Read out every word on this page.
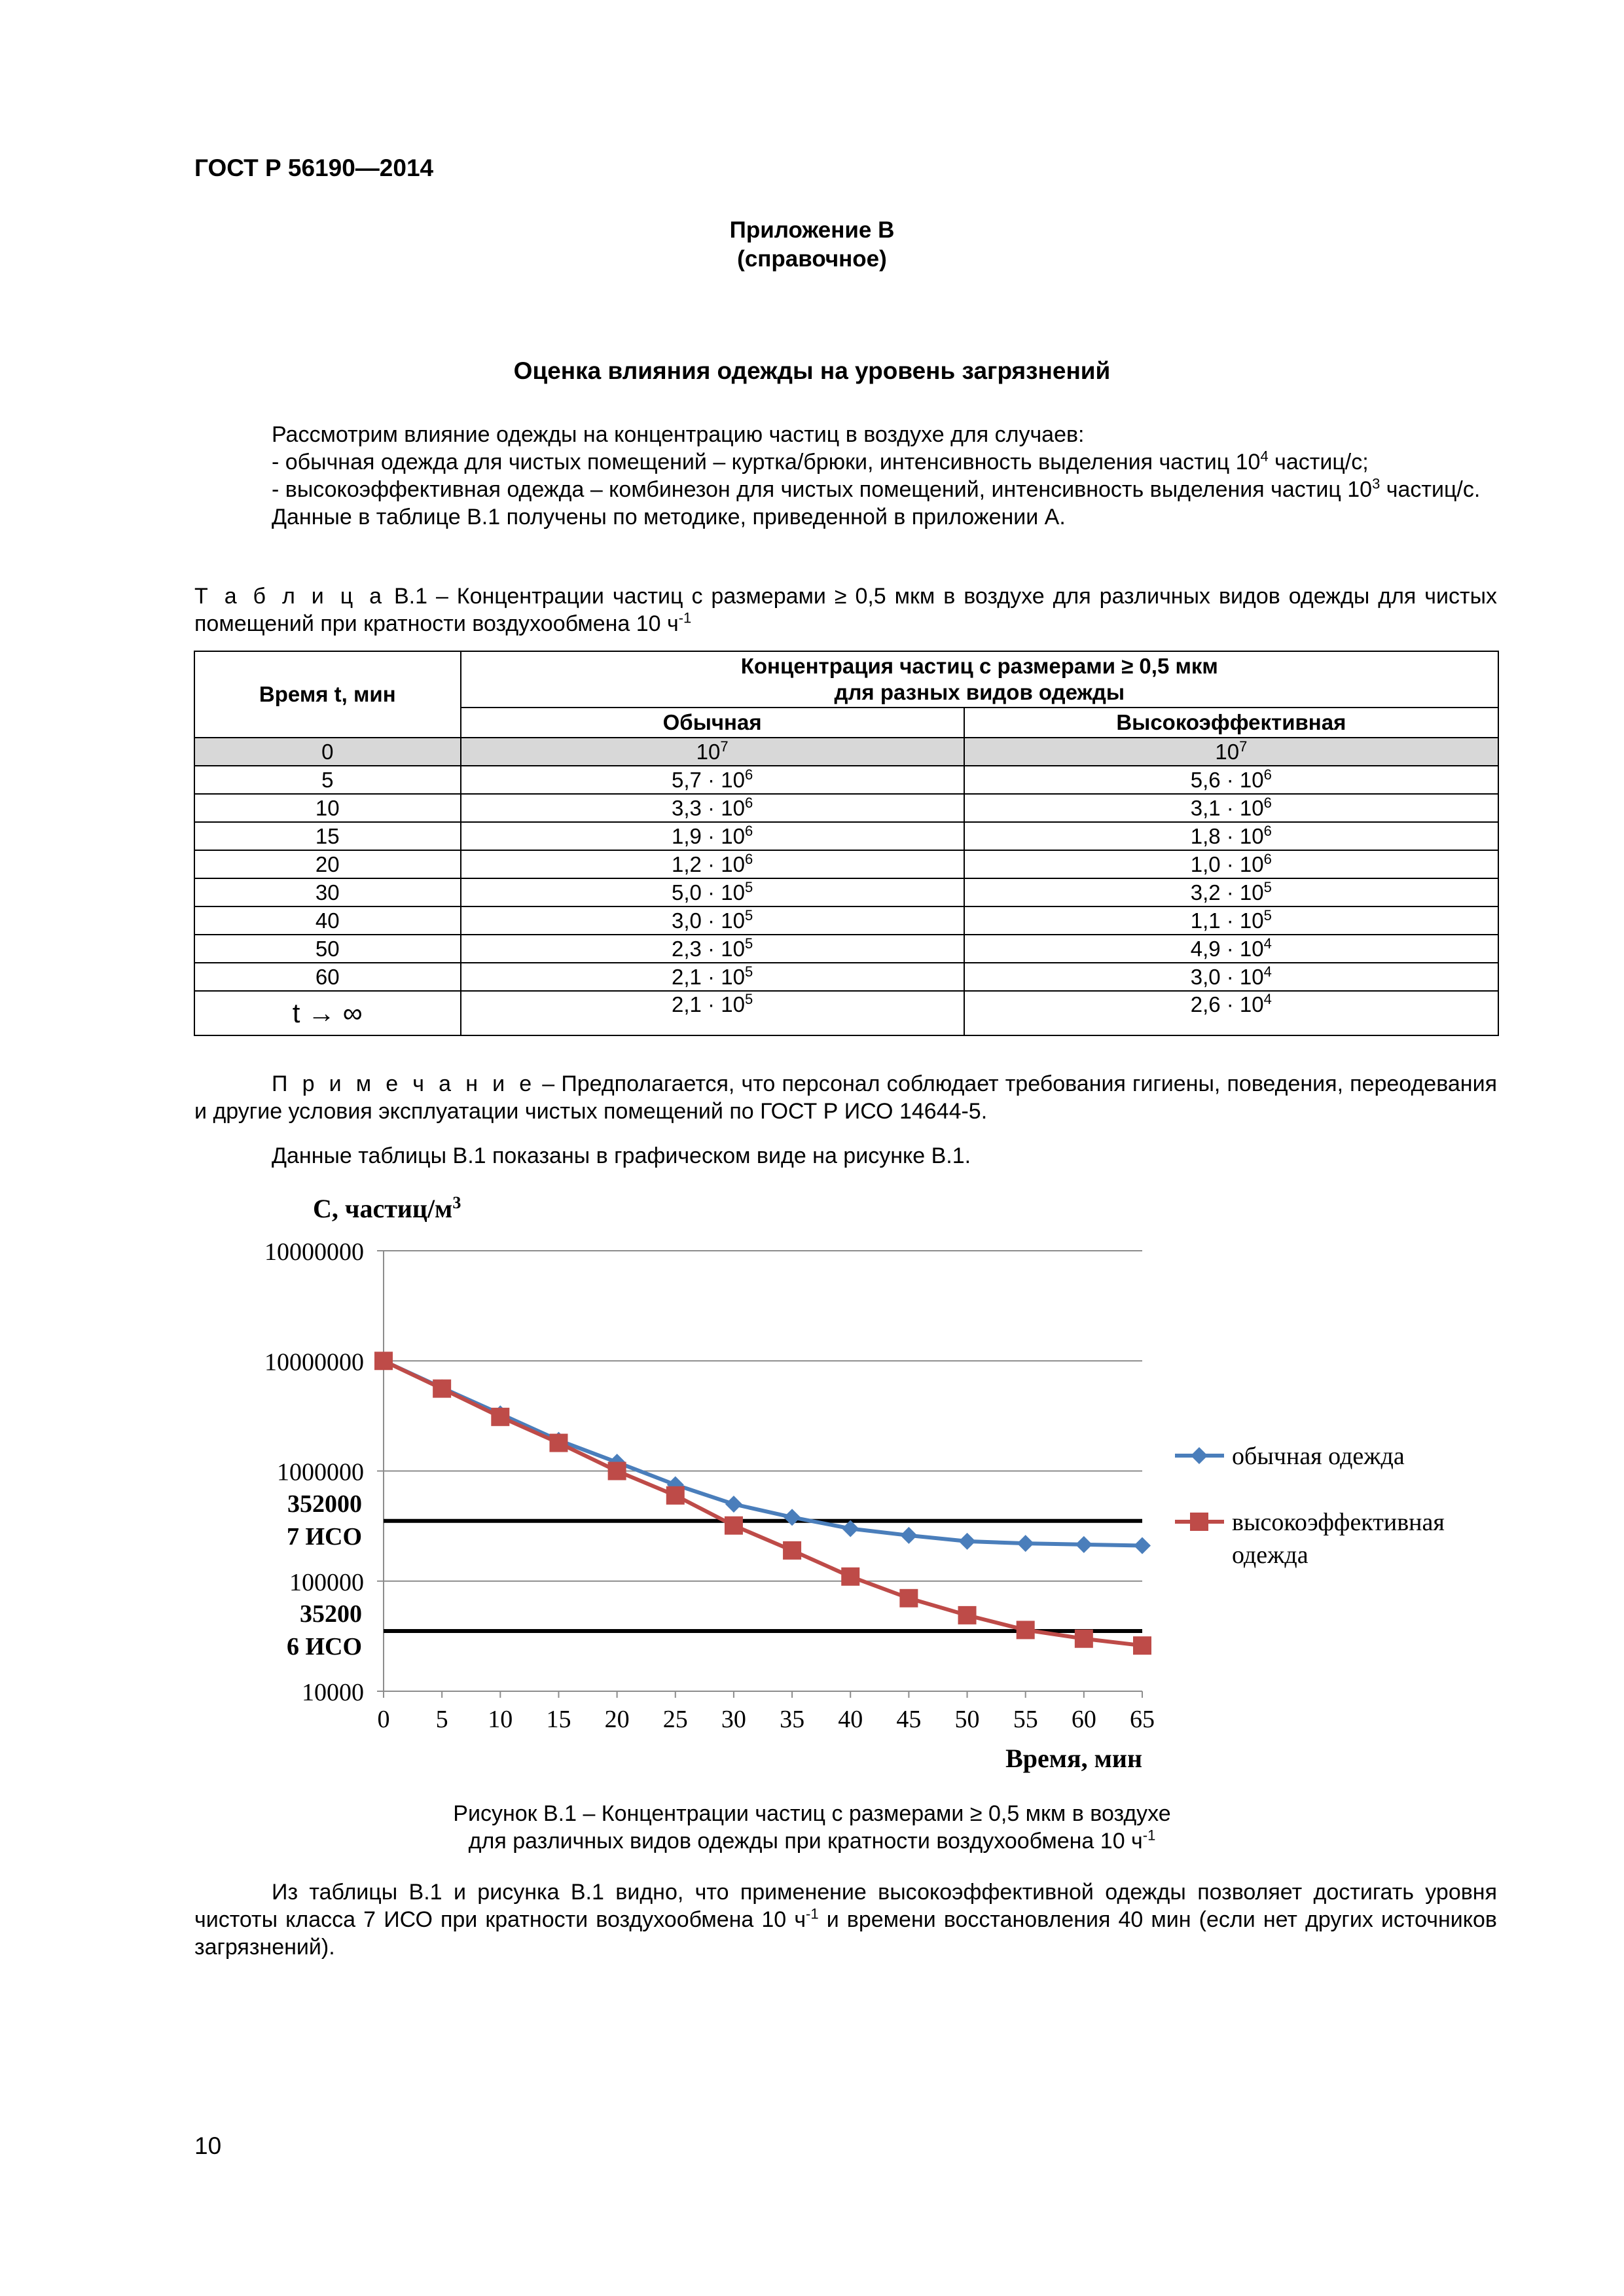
ГОСТ Р 56190—2014
Приложение В
(справочное)
Оценка влияния одежды на уровень загрязнений
Рассмотрим влияние одежды на концентрацию частиц в воздухе для случаев:
- обычная одежда для чистых помещений – куртка/брюки, интенсивность выделения частиц $10^4$ частиц/с;
- высокоэффективная одежда – комбинезон для чистых помещений, интенсивность выделения частиц $10^3$ частиц/с.
Данные в таблице В.1 получены по методике, приведенной в приложении А.
Т а б л и ц а В.1 – Концентрации частиц с размерами ≥ 0,5 мкм в воздухе для различных видов одежды для чистых помещений при кратности воздухообмена 10 $ч^{-1}$
Время t, мин	Концентрация частиц с размерами ≥ 0,5 мкм
для разных видов одежды	

	Обычная	Высокоэффективная
0	$10^7$	$10^7$
5	$5,7 \cdot 10^6$	$5,6 \cdot 10^6$
10	$3,3 \cdot 10^6$	$3,1 \cdot 10^6$
15	$1,9 \cdot 10^6$	$1,8 \cdot 10^6$
20	$1,2 \cdot 10^6$	$1,0 \cdot 10^6$
30	$5,0 \cdot 10^5$	$3,2 \cdot 10^5$
40	$3,0 \cdot 10^5$	$1,1 \cdot 10^5$
50	$2,3 \cdot 10^5$	$4,9 \cdot 10^4$
60	$2,1 \cdot 10^5$	$3,0 \cdot 10^4$
t → ∞	$2,1 \cdot 10^5$	$2,6 \cdot 10^4$
П р и м е ч а н и е – Предполагается, что персонал соблюдает требования гигиены, поведения, переодевания и другие условия эксплуатации чистых помещений по ГОСТ Р ИСО 14644-5.
Данные таблицы В.1 показаны в графическом виде на рисунке В.1.
10000000
10000000
1000000
100000
10000
0 5 10 15 20 25 30 35 40 45 50 55 60 65
352000
7 ИСО
35200
6 ИСО
обычная одежда
высокоэффективная одежда
С, частиц/$м^3$
Время, мин
Рисунок В.1 – Концентрации частиц с размерами ≥ 0,5 мкм в воздухе
для различных видов одежды при кратности воздухообмена 10 $ч^{-1}$
Из таблицы В.1 и рисунка В.1 видно, что применение высокоэффективной одежды позволяет достигать уровня чистоты класса 7 ИСО при кратности воздухообмена 10 $ч^{-1}$ и времени восстановления 40 мин (если нет других источников загрязнений).
10
